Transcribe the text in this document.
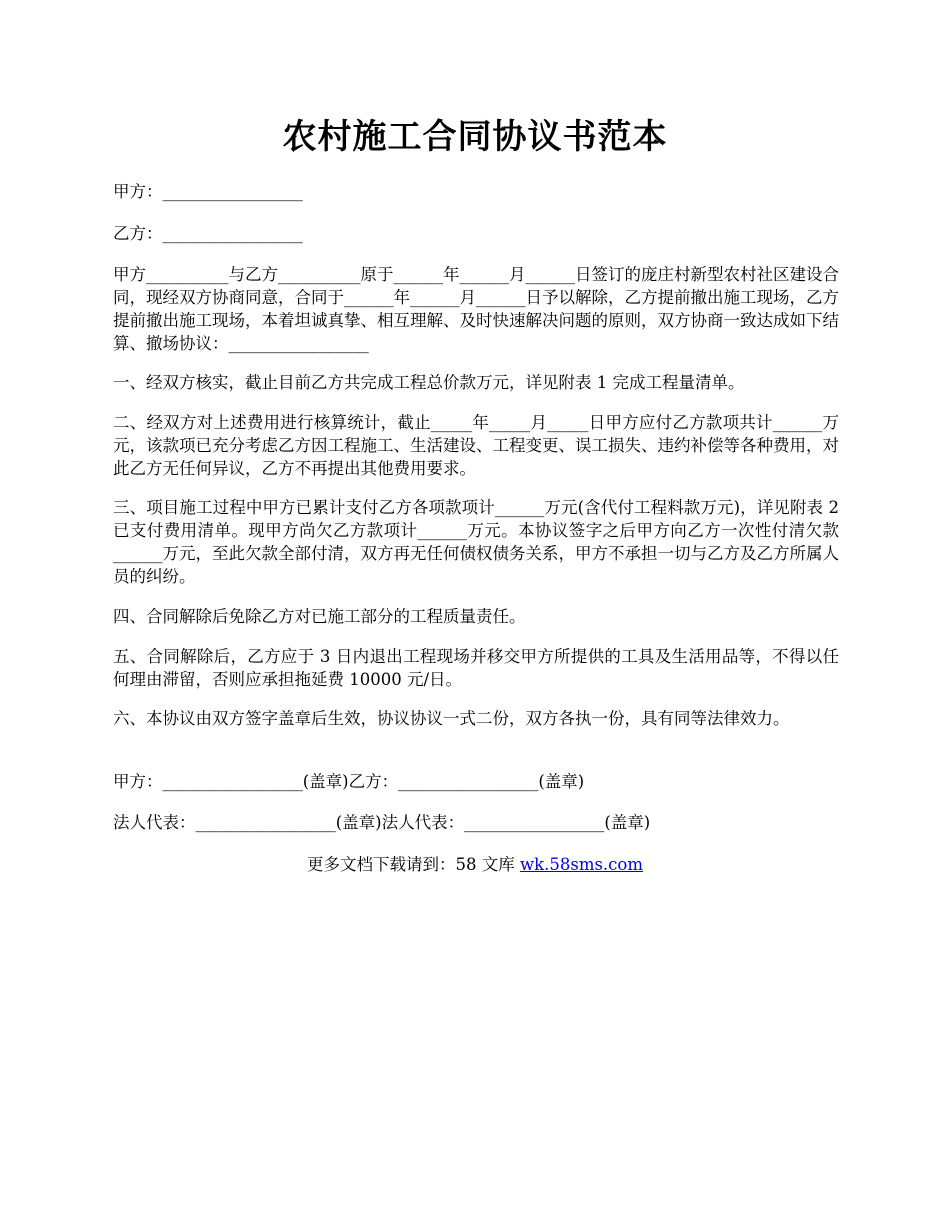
农村施工合同协议书范本

甲方：_________________

乙方：_________________

甲方__________与乙方__________原于______年______月______日签订的庞庄村新型农村社区建设合同，现经双方协商同意，合同于______年______月______日予以解除，乙方提前撤出施工现场，乙方提前撤出施工现场，本着坦诚真挚、相互理解、及时快速解决问题的原则，双方协商一致达成如下结算、撤场协议：_________________

一、经双方核实，截止目前乙方共完成工程总价款万元，详见附表 1 完成工程量清单。

二、经双方对上述费用进行核算统计，截止_____年_____月_____日甲方应付乙方款项共计______万元，该款项已充分考虑乙方因工程施工、生活建设、工程变更、误工损失、违约补偿等各种费用，对此乙方无任何异议，乙方不再提出其他费用要求。

三、项目施工过程中甲方已累计支付乙方各项款项计______万元(含代付工程料款万元)，详见附表 2 已支付费用清单。现甲方尚欠乙方款项计______万元。本协议签字之后甲方向乙方一次性付清欠款______万元，至此欠款全部付清，双方再无任何债权债务关系，甲方不承担一切与乙方及乙方所属人员的纠纷。

四、合同解除后免除乙方对已施工部分的工程质量责任。

五、合同解除后，乙方应于 3 日内退出工程现场并移交甲方所提供的工具及生活用品等，不得以任何理由滞留，否则应承担拖延费 10000 元/日。

六、本协议由双方签字盖章后生效，协议协议一式二份，双方各执一份，具有同等法律效力。

甲方：_________________(盖章)乙方：_________________(盖章)

法人代表：_________________(盖章)法人代表：_________________(盖章)

更多文档下载请到：58 文库 wk.58sms.com
